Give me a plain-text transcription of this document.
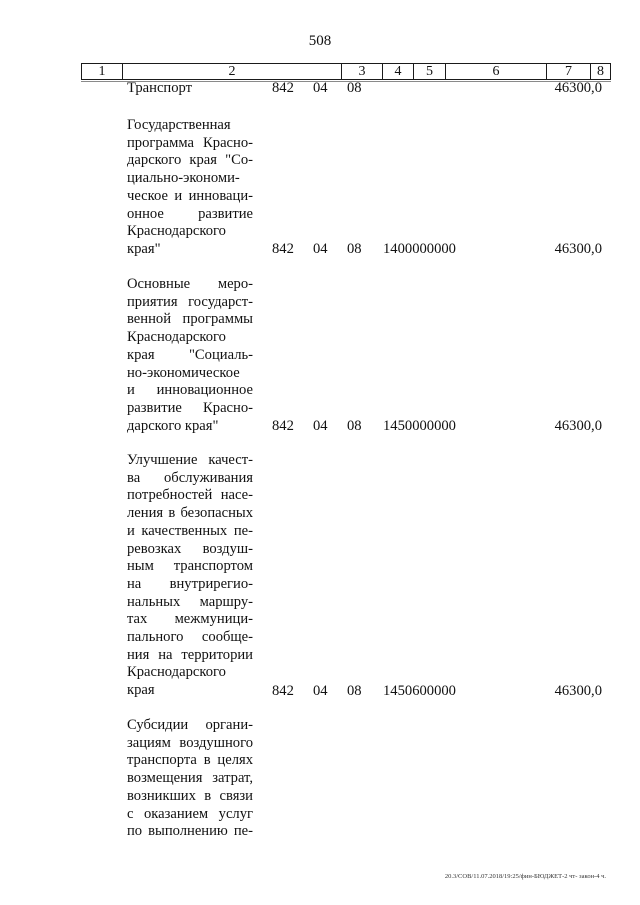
508
1	2	3	4	5	6	7	8
Транспорт	842 04 08	46300,0
Государственная
программа Красно-
дарского края "Со-
циально-экономи-
ческое и инноваци-
онное развитие
Краснодарского
края"	842 04 08 1400000000	46300,0
Основные меро-
приятия государст-
венной программы
Краснодарского
края "Социаль-
но-экономическое
и инновационное
развитие Красно-
дарского края"	842 04 08 1450000000	46300,0
Улучшение качест-
ва обслуживания
потребностей насе-
ления в безопасных
и качественных пе-
ревозках воздуш-
ным транспортом
на внутрирегио-
нальных маршру-
тах межмуници-
пального сообще-
ния на территории
Краснодарского
края	842 04 08 1450600000	46300,0
Субсидии органи-
зациям воздушного
транспорта в целях
возмещения затрат,
возникших в связи
с оказанием услуг
по выполнению пе-
20.3/СОВ/11.07.2018/19:25/фин-БЮДЖЕТ-2 чт- закон-4 ч.
